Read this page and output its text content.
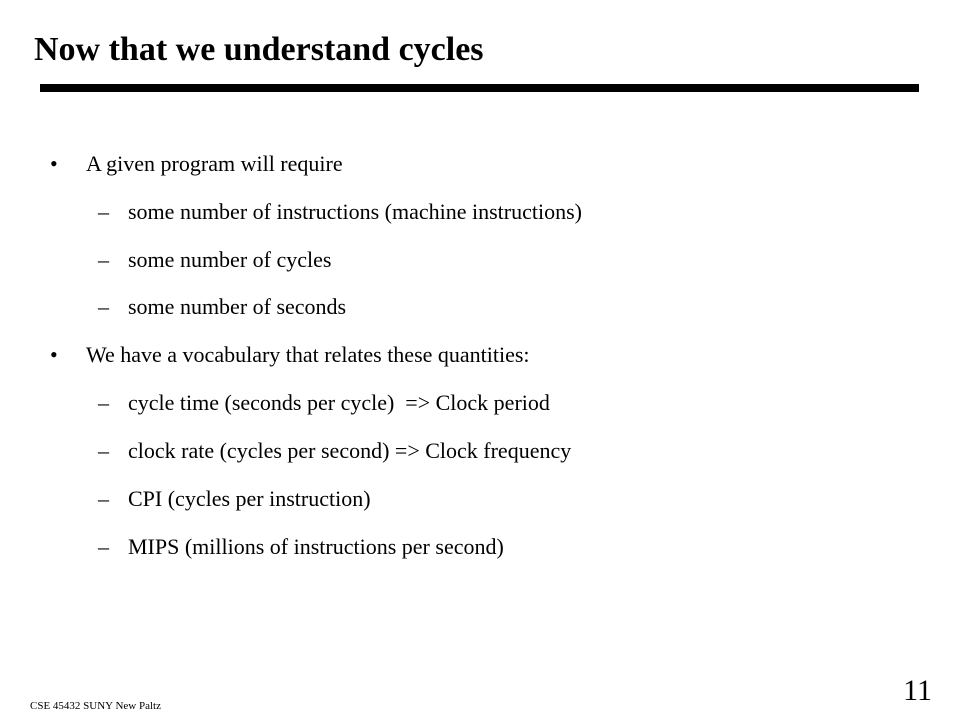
Now that we understand cycles
• A given program will require
– some number of instructions (machine instructions)
– some number of cycles
– some number of seconds
• We have a vocabulary that relates these quantities:
– cycle time (seconds per cycle)  => Clock period
– clock rate (cycles per second) => Clock frequency
– CPI (cycles per instruction)
– MIPS (millions of instructions per second)
CSE 45432 SUNY New Paltz	11
